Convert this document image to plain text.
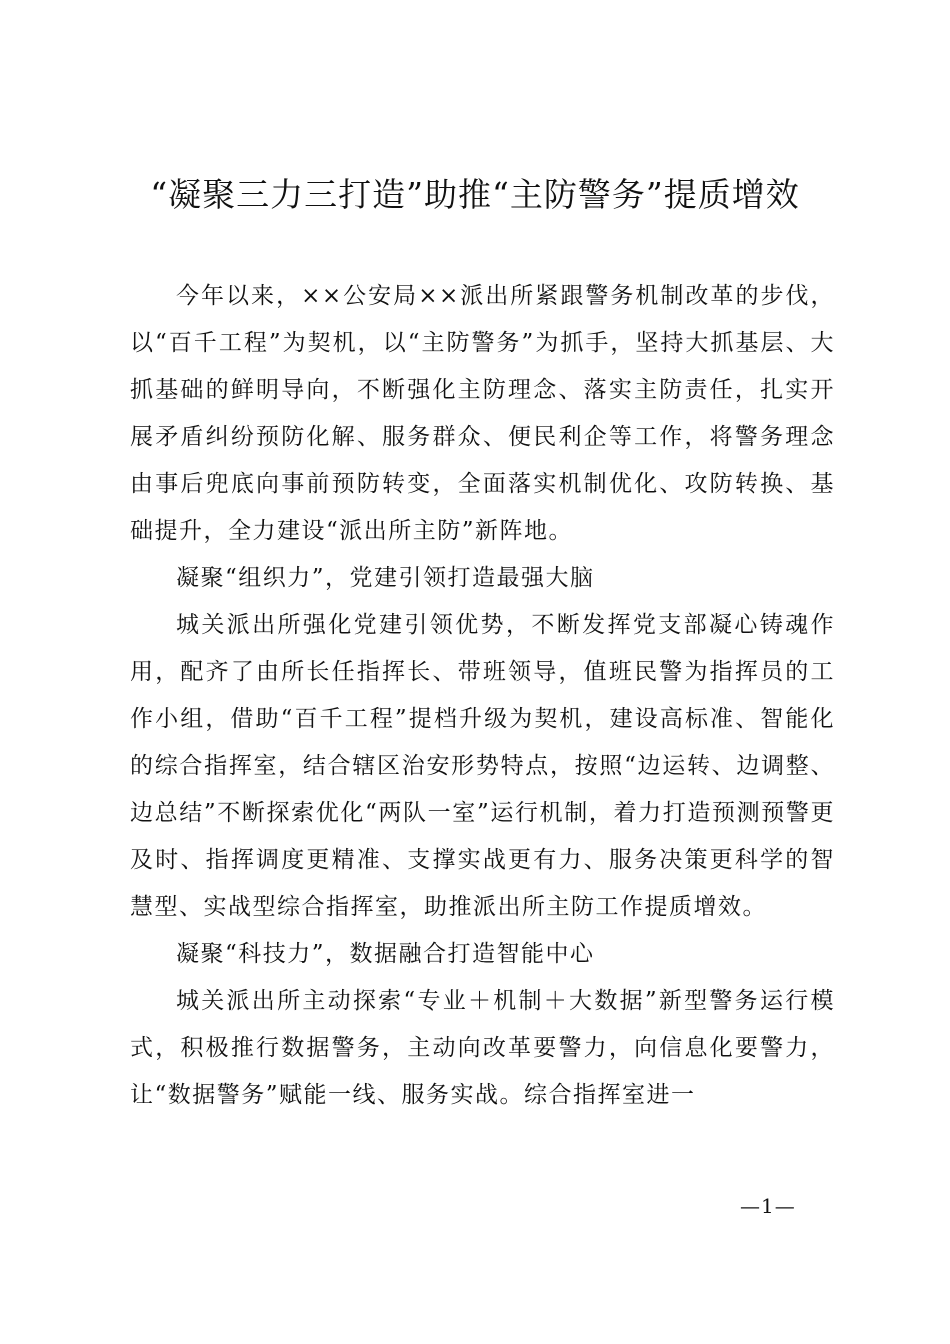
“凝聚三力三打造”助推“主防警务”提质增效

今年以来，××公安局××派出所紧跟警务机制改革的步伐，以“百千工程”为契机，以“主防警务”为抓手，坚持大抓基层、大抓基础的鲜明导向，不断强化主防理念、落实主防责任，扎实开展矛盾纠纷预防化解、服务群众、便民利企等工作，将警务理念由事后兜底向事前预防转变，全面落实机制优化、攻防转换、基础提升，全力建设“派出所主防”新阵地。

凝聚“组织力”，党建引领打造最强大脑

城关派出所强化党建引领优势，不断发挥党支部凝心铸魂作用，配齐了由所长任指挥长、带班领导，值班民警为指挥员的工作小组，借助“百千工程”提档升级为契机，建设高标准、智能化的综合指挥室，结合辖区治安形势特点，按照“边运转、边调整、边总结”不断探索优化“两队一室”运行机制，着力打造预测预警更及时、指挥调度更精准、支撑实战更有力、服务决策更科学的智慧型、实战型综合指挥室，助推派出所主防工作提质增效。

凝聚“科技力”，数据融合打造智能中心

城关派出所主动探索“专业＋机制＋大数据”新型警务运行模式，积极推行数据警务，主动向改革要警力，向信息化要警力，让“数据警务”赋能一线、服务实战。综合指挥室进一

—1—
